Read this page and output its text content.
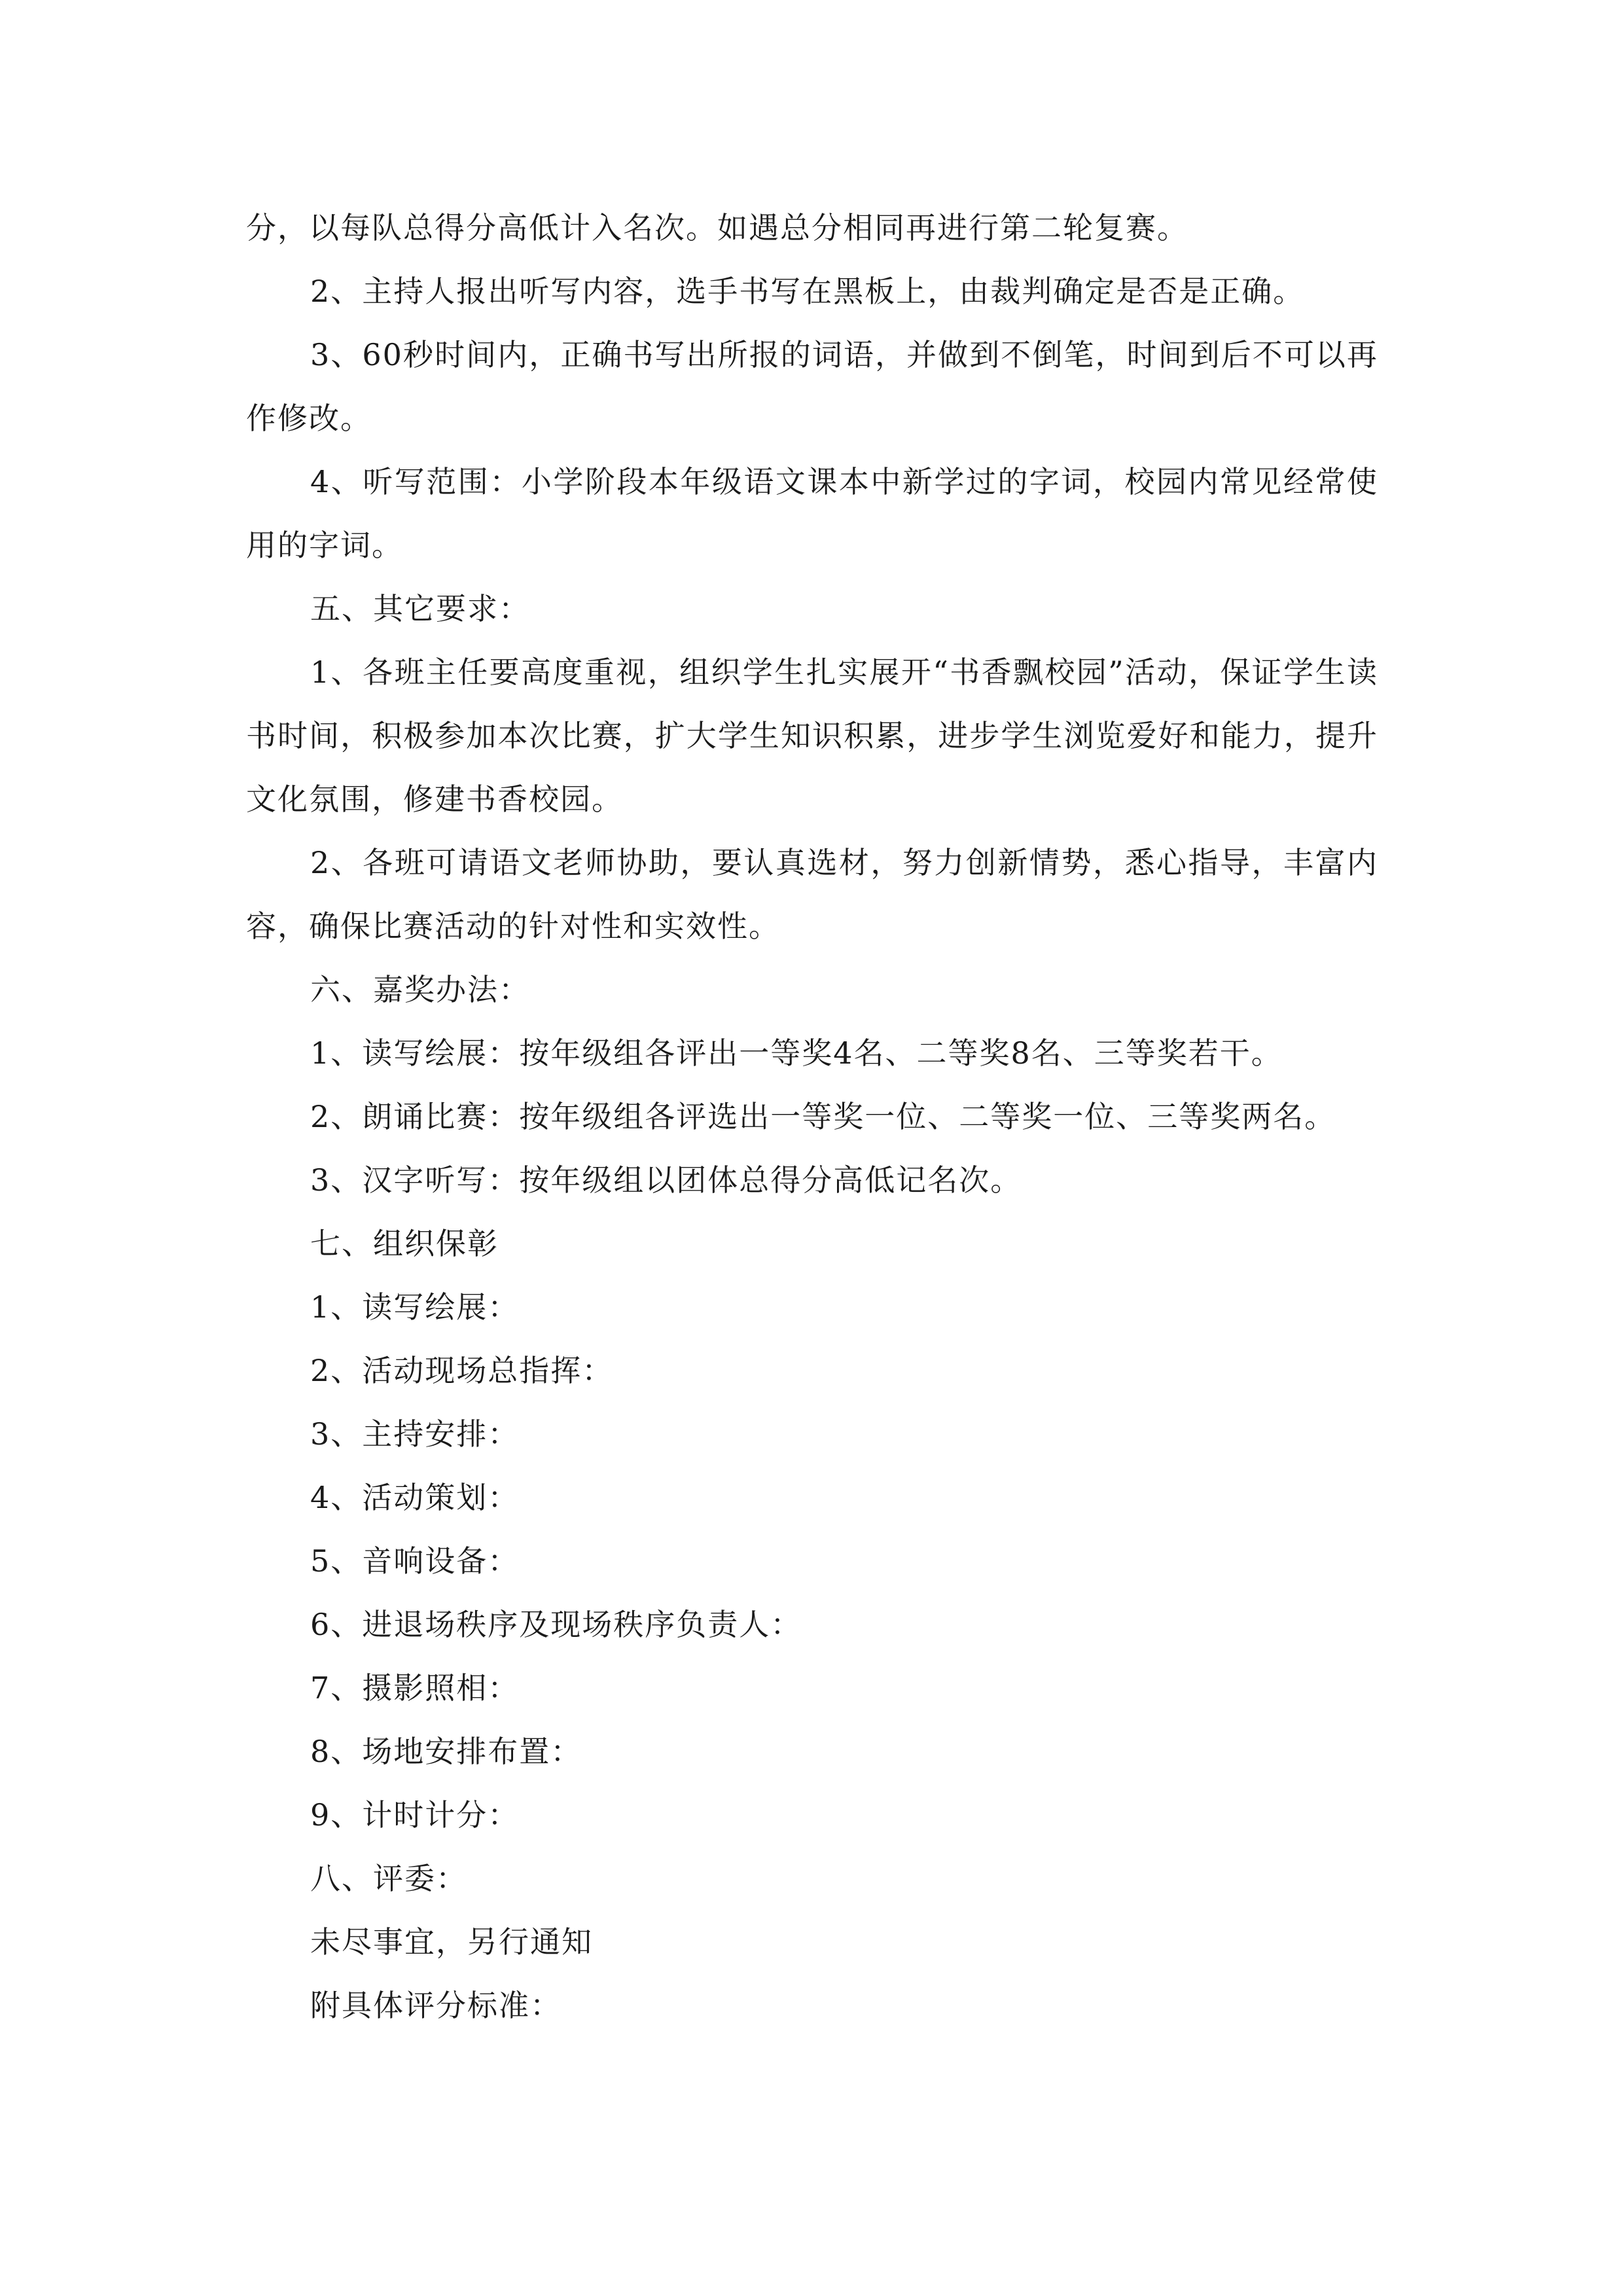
分，以每队总得分高低计入名次。如遇总分相同再进行第二轮复赛。

2、主持人报出听写内容，选手书写在黑板上，由裁判确定是否是正确。

3、60秒时间内，正确书写出所报的词语，并做到不倒笔，时间到后不可以再作修改。

4、听写范围：小学阶段本年级语文课本中新学过的字词，校园内常见经常使用的字词。

五、其它要求：

1、各班主任要高度重视，组织学生扎实展开“书香飘校园”活动，保证学生读书时间，积极参加本次比赛，扩大学生知识积累，进步学生浏览爱好和能力，提升文化氛围，修建书香校园。

2、各班可请语文老师协助，要认真选材，努力创新情势，悉心指导，丰富内容，确保比赛活动的针对性和实效性。

六、嘉奖办法：

1、读写绘展：按年级组各评出一等奖4名、二等奖8名、三等奖若干。

2、朗诵比赛：按年级组各评选出一等奖一位、二等奖一位、三等奖两名。

3、汉字听写：按年级组以团体总得分高低记名次。

七、组织保彰

1、读写绘展：

2、活动现场总指挥：

3、主持安排：

4、活动策划：

5、音响设备：

6、进退场秩序及现场秩序负责人：

7、摄影照相：

8、场地安排布置：

9、计时计分：

八、评委：

未尽事宜，另行通知

附具体评分标准：
